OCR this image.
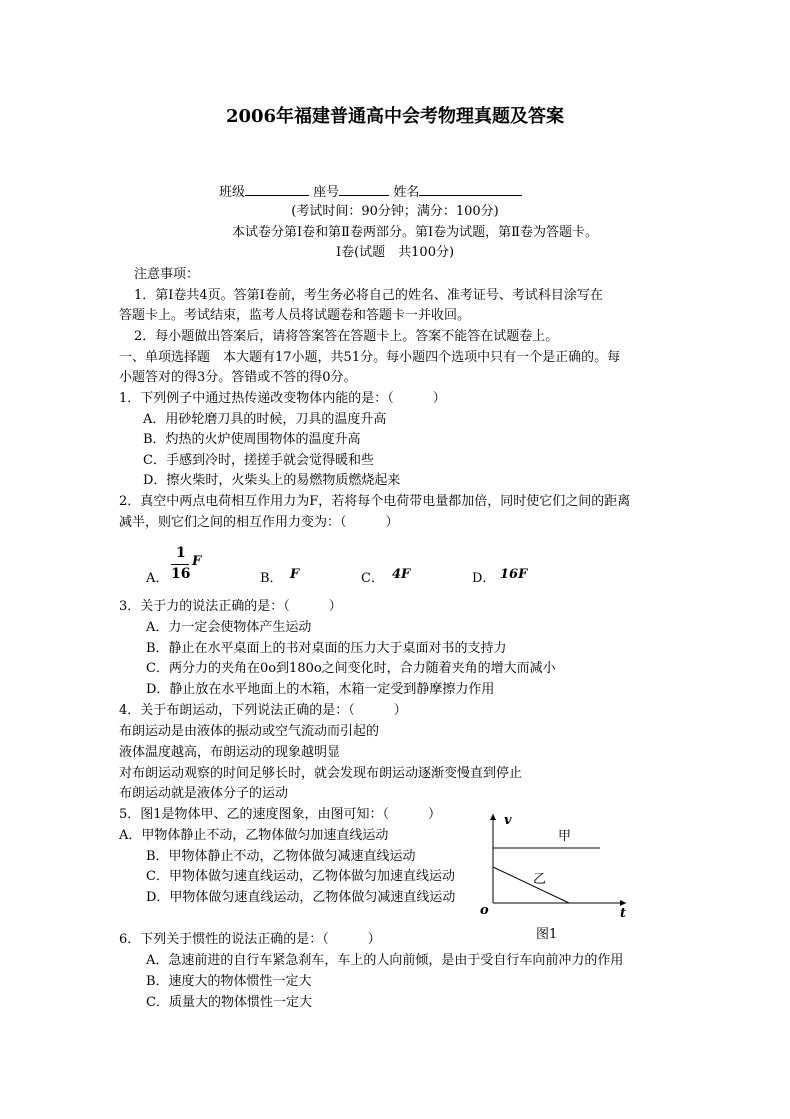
2006年福建普通高中会考物理真题及答案
班级	座号	姓名
(考试时间：90分钟；满分：100分)
本试卷分第Ⅰ卷和第Ⅱ卷两部分。第Ⅰ卷为试题，第Ⅱ卷为答题卡。
Ⅰ卷(试题　共100分)
注意事项：
1．第Ⅰ卷共4页。答第Ⅰ卷前，考生务必将自己的姓名、准考证号、考试科目涂写在
答题卡上。考试结束，监考人员将试题卷和答题卡一并收回。
2．每小题做出答案后，请将答案答在答题卡上。答案不能答在试题卷上。
一、单项选择题　本大题有17小题，共51分。每小题四个选项中只有一个是正确的。每
小题答对的得3分。答错或不答的得0分。
1．下列例子中通过热传递改变物体内能的是：（　　　）
A．用砂轮磨刀具的时候，刀具的温度升高
B．灼热的火炉使周围物体的温度升高
C．手感到冷时，搓搓手就会觉得暖和些
D．擦火柴时，火柴头上的易燃物质燃烧起来
2．真空中两点电荷相互作用力为F，若将每个电荷带电量都加倍，同时使它们之间的距离
减半，则它们之间的相互作用力变为：（　　　）
A．
1
16
F
B． F	C． 4F	D． 16F
3．关于力的说法正确的是：（　　　）
A．力一定会使物体产生运动
B．静止在水平桌面上的书对桌面的压力大于桌面对书的支持力
C．两分力的夹角在0o到180o之间变化时，合力随着夹角的增大而减小
D．静止放在水平地面上的木箱，木箱一定受到静摩擦力作用
4．关于布朗运动，下列说法正确的是：（　　　）
布朗运动是由液体的振动或空气流动而引起的
液体温度越高，布朗运动的现象越明显
对布朗运动观察的时间足够长时，就会发现布朗运动逐渐变慢直到停止
布朗运动就是液体分子的运动
5．图1是物体甲、乙的速度图象，由图可知：（　　　）
A．甲物体静止不动，乙物体做匀加速直线运动
B．甲物体静止不动，乙物体做匀减速直线运动
C．甲物体做匀速直线运动，乙物体做匀加速直线运动
D．甲物体做匀速直线运动，乙物体做匀减速直线运动
v
t
o
甲
乙
图1
6．下列关于惯性的说法正确的是：（　　　）
A．急速前进的自行车紧急刹车，车上的人向前倾，是由于受自行车向前冲力的作用
B．速度大的物体惯性一定大
C．质量大的物体惯性一定大
